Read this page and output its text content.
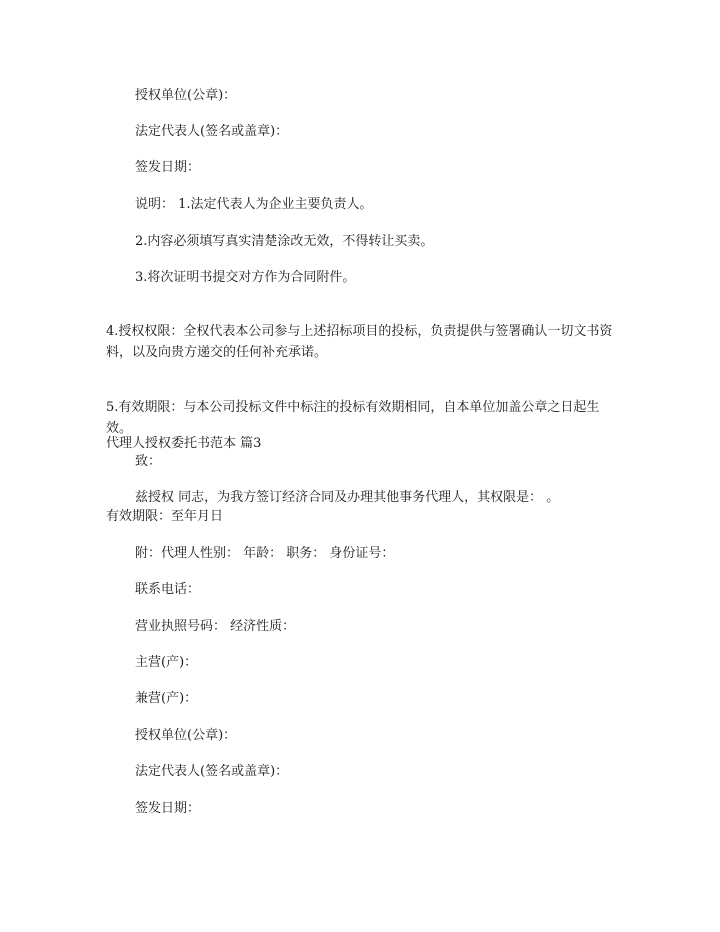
授权单位(公章)：

法定代表人(签名或盖章)：

签发日期：

说明： 1.法定代表人为企业主要负责人。

2.内容必须填写真实清楚涂改无效，不得转让买卖。

3.将次证明书提交对方作为合同附件。

4.授权权限：全权代表本公司参与上述招标项目的投标，负责提供与签署确认一切文书资料，以及向贵方递交的任何补充承诺。

5.有效期限：与本公司投标文件中标注的投标有效期相同，自本单位加盖公章之日起生效。

代理人授权委托书范本 篇3

致：

兹授权 同志，为我方签订经济合同及办理其他事务代理人，其权限是： 。

有效期限：至年月日

附：代理人性别： 年龄： 职务： 身份证号：

联系电话：

营业执照号码： 经济性质：

主营(产)：

兼营(产)：

授权单位(公章)：

法定代表人(签名或盖章)：

签发日期：
